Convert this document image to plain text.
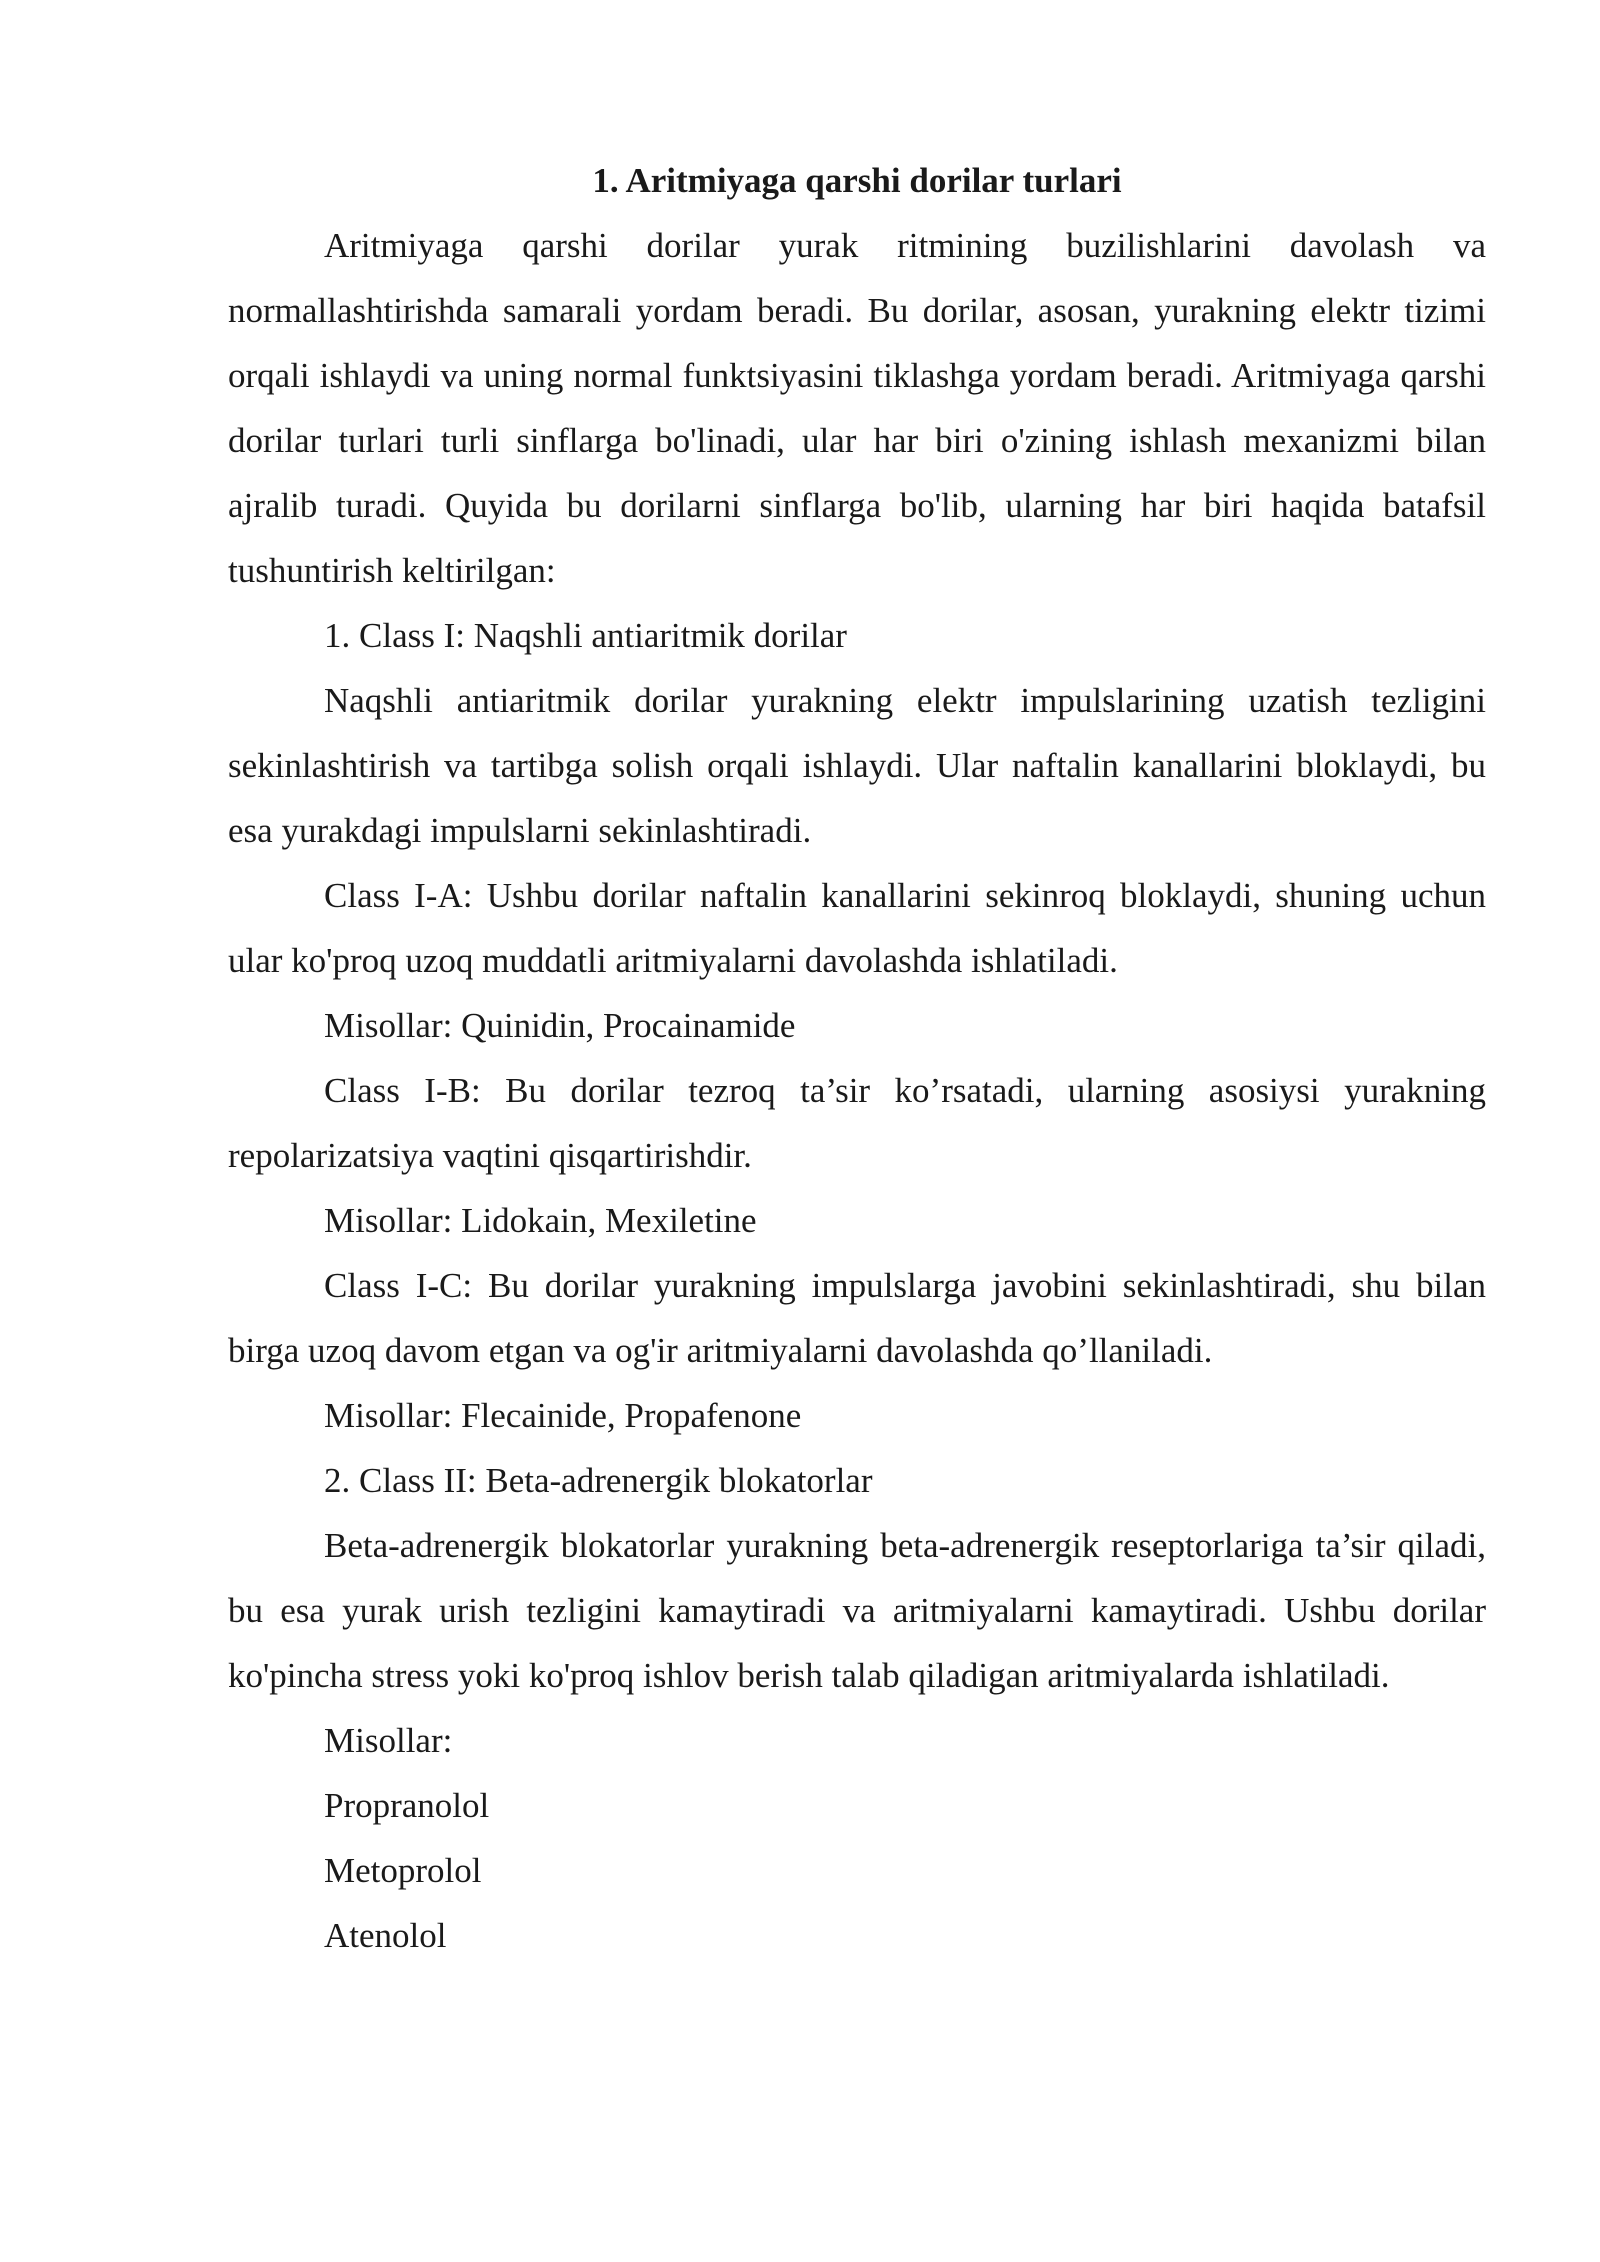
1. Aritmiyaga qarshi dorilar turlari

Aritmiyaga qarshi dorilar yurak ritmining buzilishlarini davolash va normallashtirishda samarali yordam beradi. Bu dorilar, asosan, yurakning elektr tizimi orqali ishlaydi va uning normal funktsiyasini tiklashga yordam beradi. Aritmiyaga qarshi dorilar turlari turli sinflarga bo'linadi, ular har biri o'zining ishlash mexanizmi bilan ajralib turadi. Quyida bu dorilarni sinflarga bo'lib, ularning har biri haqida batafsil tushuntirish keltirilgan:

1. Class I: Naqshli antiaritmik dorilar

Naqshli antiaritmik dorilar yurakning elektr impulslarining uzatish tezligini sekinlashtirish va tartibga solish orqali ishlaydi. Ular naftalin kanallarini bloklaydi, bu esa yurakdagi impulslarni sekinlashtiradi.

Class I-A: Ushbu dorilar naftalin kanallarini sekinroq bloklaydi, shuning uchun ular ko'proq uzoq muddatli aritmiyalarni davolashda ishlatiladi.

Misollar: Quinidin, Procainamide

Class I-B: Bu dorilar tezroq ta’sir ko’rsatadi, ularning asosiysi yurakning repolarizatsiya vaqtini qisqartirishdir.

Misollar: Lidokain, Mexiletine

Class I-C: Bu dorilar yurakning impulslarga javobini sekinlashtiradi, shu bilan birga uzoq davom etgan va og'ir aritmiyalarni davolashda qo’llaniladi.

Misollar: Flecainide, Propafenone

2. Class II: Beta-adrenergik blokatorlar

Beta-adrenergik blokatorlar yurakning beta-adrenergik reseptorlariga ta’sir qiladi, bu esa yurak urish tezligini kamaytiradi va aritmiyalarni kamaytiradi. Ushbu dorilar ko'pincha stress yoki ko'proq ishlov berish talab qiladigan aritmiyalarda ishlatiladi.

Misollar:

Propranolol

Metoprolol

Atenolol
